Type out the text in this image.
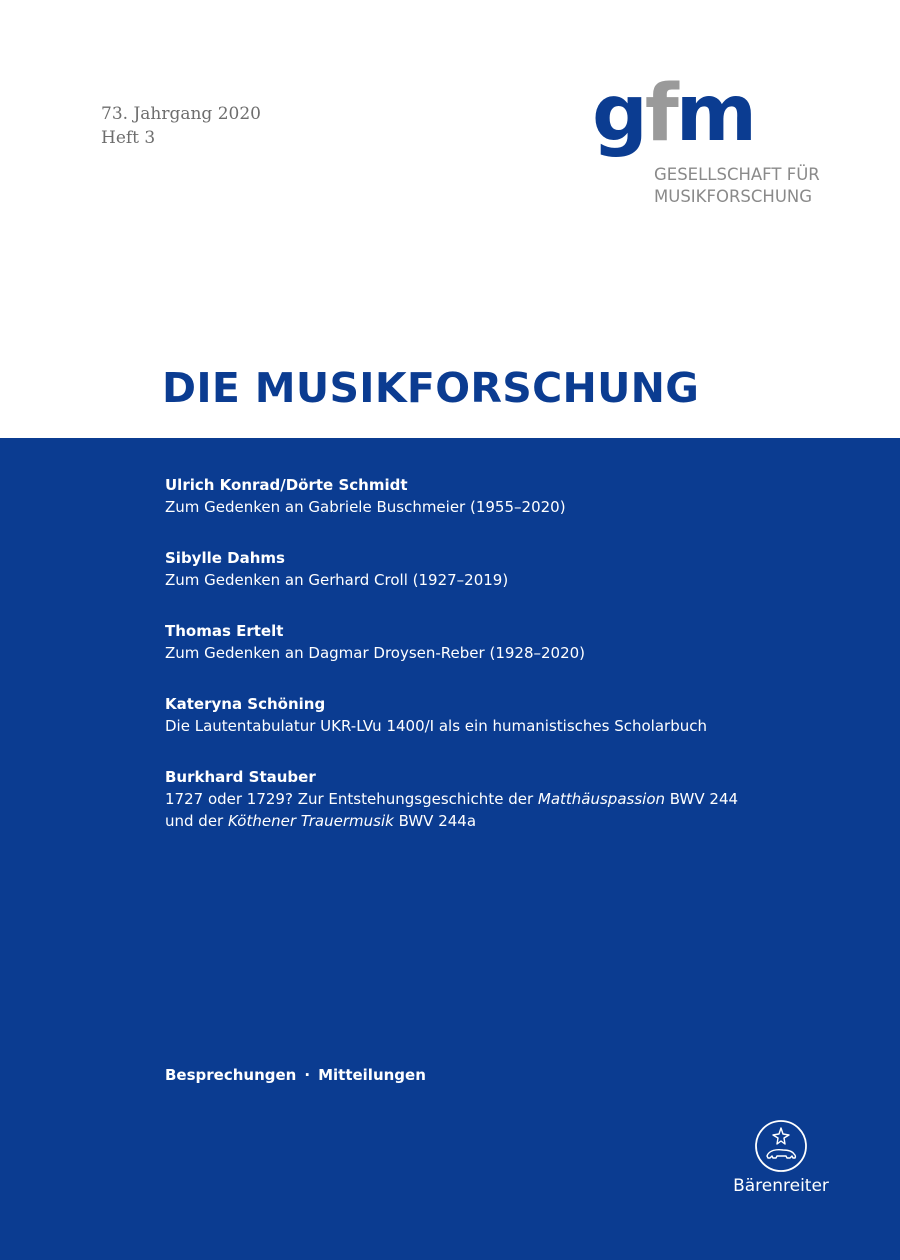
73. Jahrgang 2020
Heft 3	gfm
GESELLSCHAFT FÜR
MUSIKFORSCHUNG
DIE MUSIKFORSCHUNG
Ulrich Konrad/Dörte Schmidt
Zum Gedenken an Gabriele Buschmeier (1955–2020)
Sibylle Dahms
Zum Gedenken an Gerhard Croll (1927–2019)
Thomas Ertelt
Zum Gedenken an Dagmar Droysen-Reber (1928–2020)
Kateryna Schöning
Die Lautentabulatur UKR-LVu 1400/I als ein humanistisches Scholarbuch
Burkhard Stauber
1727 oder 1729? Zur Entstehungsgeschichte der Matthäuspassion BWV 244
und der Köthener Trauermusik BWV 244a
Besprechungen · Mitteilungen
Bärenreiter
